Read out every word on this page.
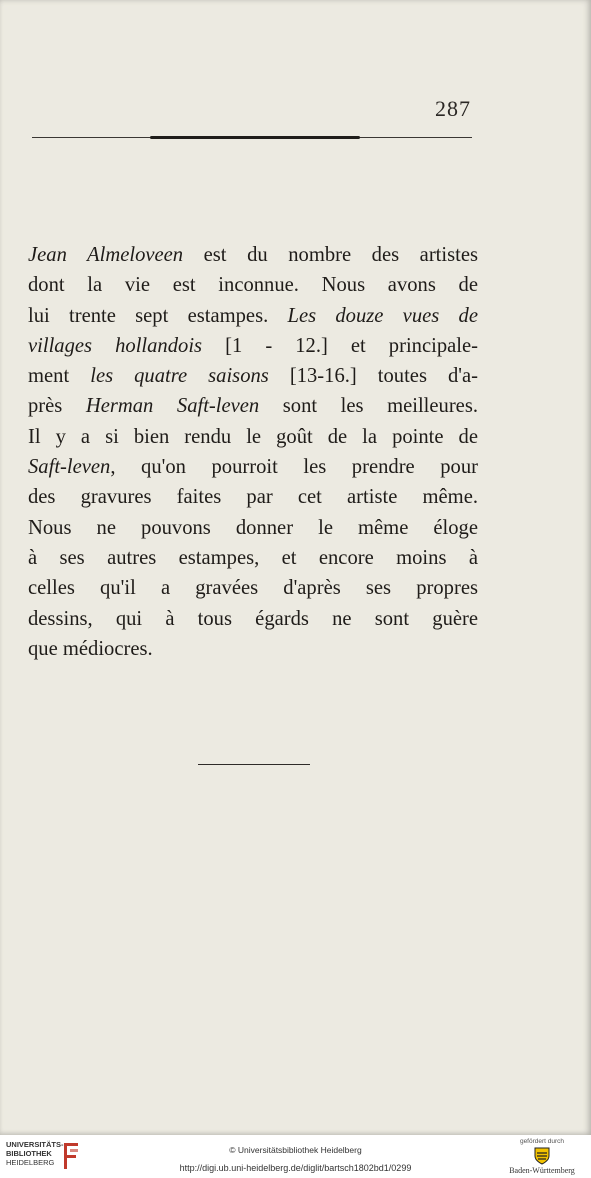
287
Jean Almeloveen est du nombre des artistes
dont la vie est inconnue. Nous avons de
lui trente sept estampes. Les douze vues de
villages hollandois [1 - 12.] et principale-
ment les quatre saisons [13-16.] toutes d'a-
près Herman Saft-leven sont les meilleures.
Il y a si bien rendu le goût de la pointe de
Saft-leven, qu'on pourroit les prendre pour
des gravures faites par cet artiste même.
Nous ne pouvons donner le même éloge
à ses autres estampes, et encore moins à
celles qu'il a gravées d'après ses propres
dessins, qui à tous égards ne sont guère
que médiocres.
UNIVERSITÄTS-
BIBLIOTHEK
HEIDELBERG
© Universitätsbibliothek Heidelberg
http://digi.ub.uni-heidelberg.de/diglit/bartsch1802bd1/0299
gefördert durch
Baden-Württemberg
